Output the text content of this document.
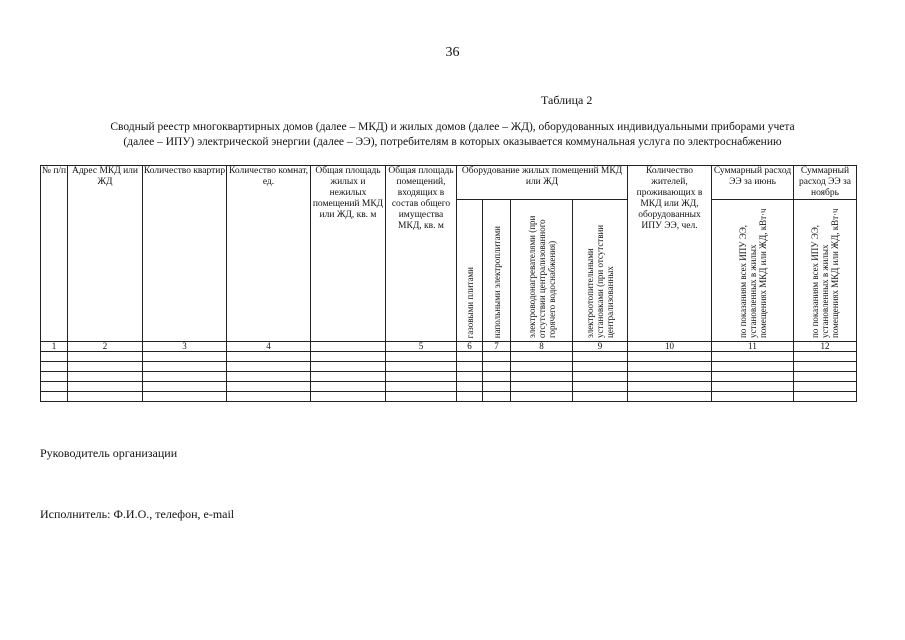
36
Таблица 2
Сводный реестр многоквартирных домов (далее – МКД) и жилых домов (далее – ЖД), оборудованных индивидуальными приборами учета
(далее – ИПУ) электрической энергии (далее – ЭЭ), потребителям в которых оказывается коммунальная услуга по электроснабжению
№ п/п	Адрес МКД или ЖД	Количество квартир	Количество комнат, ед.	Общая площадь жилых и нежилых помещений МКД или ЖД, кв. м	Общая площадь помещений, входящих в состав общего имущества МКД, кв. м	Оборудование жилых помещений МКД или ЖД				Количество жителей, проживающих в МКД или ЖД, оборудованных ИПУ ЭЭ, чел.	Суммарный расход ЭЭ за июнь	Суммарный расход ЭЭ за ноябрь

						газовыми плитами	напольными электроплитами	электроводонагревателями (при отсутствии централизованного горячего водоснабжения)	электроотопительными установками (при отсутствии централизованных		по показаниям всех ИПУ ЭЭ, установленных в жилых помещениях МКД или ЖД, кВт·ч	по показаниям всех ИПУ ЭЭ, установленных в жилых помещениях МКД или ЖД, кВт·ч

1	2	3	4		5	6	7	8	9	10	11	12

Руководитель организации
Исполнитель: Ф.И.О., телефон, e-mail
